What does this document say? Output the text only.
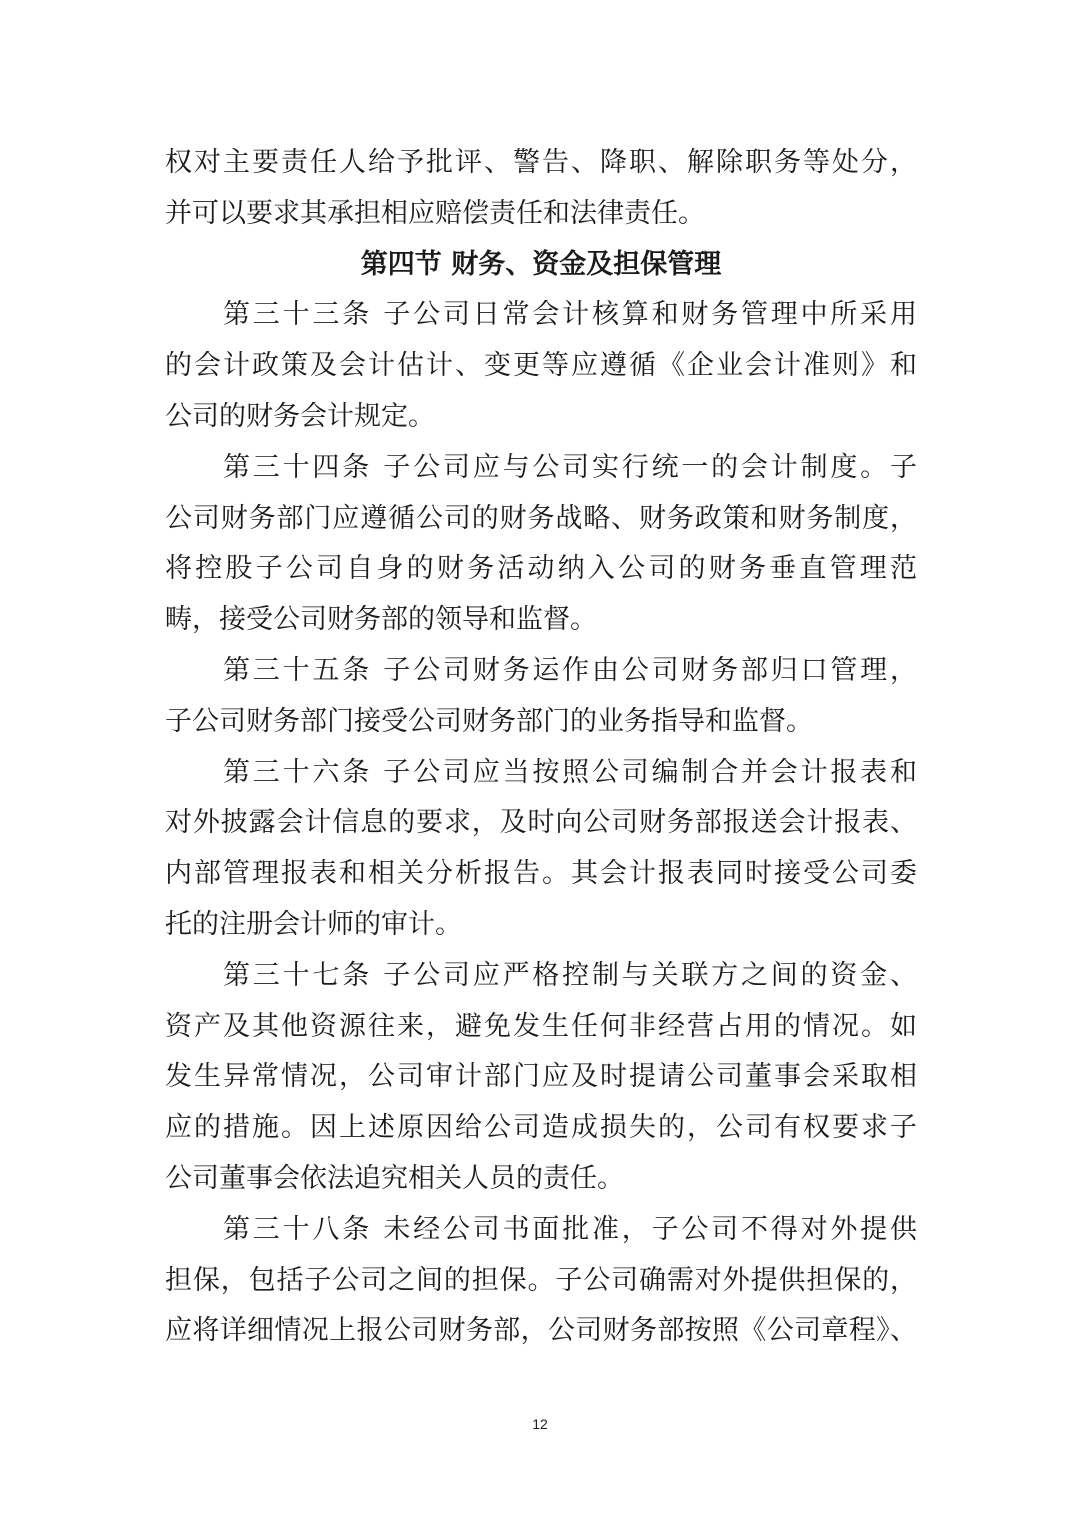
权对主要责任人给予批评、警告、降职、解除职务等处分，
并可以要求其承担相应赔偿责任和法律责任。
第四节 财务、资金及担保管理
第三十三条 子公司日常会计核算和财务管理中所采用
的会计政策及会计估计、变更等应遵循《企业会计准则》和
公司的财务会计规定。
第三十四条 子公司应与公司实行统一的会计制度。子
公司财务部门应遵循公司的财务战略、财务政策和财务制度，
将控股子公司自身的财务活动纳入公司的财务垂直管理范
畴，接受公司财务部的领导和监督。
第三十五条 子公司财务运作由公司财务部归口管理，
子公司财务部门接受公司财务部门的业务指导和监督。
第三十六条 子公司应当按照公司编制合并会计报表和
对外披露会计信息的要求，及时向公司财务部报送会计报表、
内部管理报表和相关分析报告。其会计报表同时接受公司委
托的注册会计师的审计。
第三十七条 子公司应严格控制与关联方之间的资金、
资产及其他资源往来，避免发生任何非经营占用的情况。如
发生异常情况，公司审计部门应及时提请公司董事会采取相
应的措施。因上述原因给公司造成损失的，公司有权要求子
公司董事会依法追究相关人员的责任。
第三十八条 未经公司书面批准，子公司不得对外提供
担保，包括子公司之间的担保。子公司确需对外提供担保的，
应将详细情况上报公司财务部，公司财务部按照《公司章程》、
12
